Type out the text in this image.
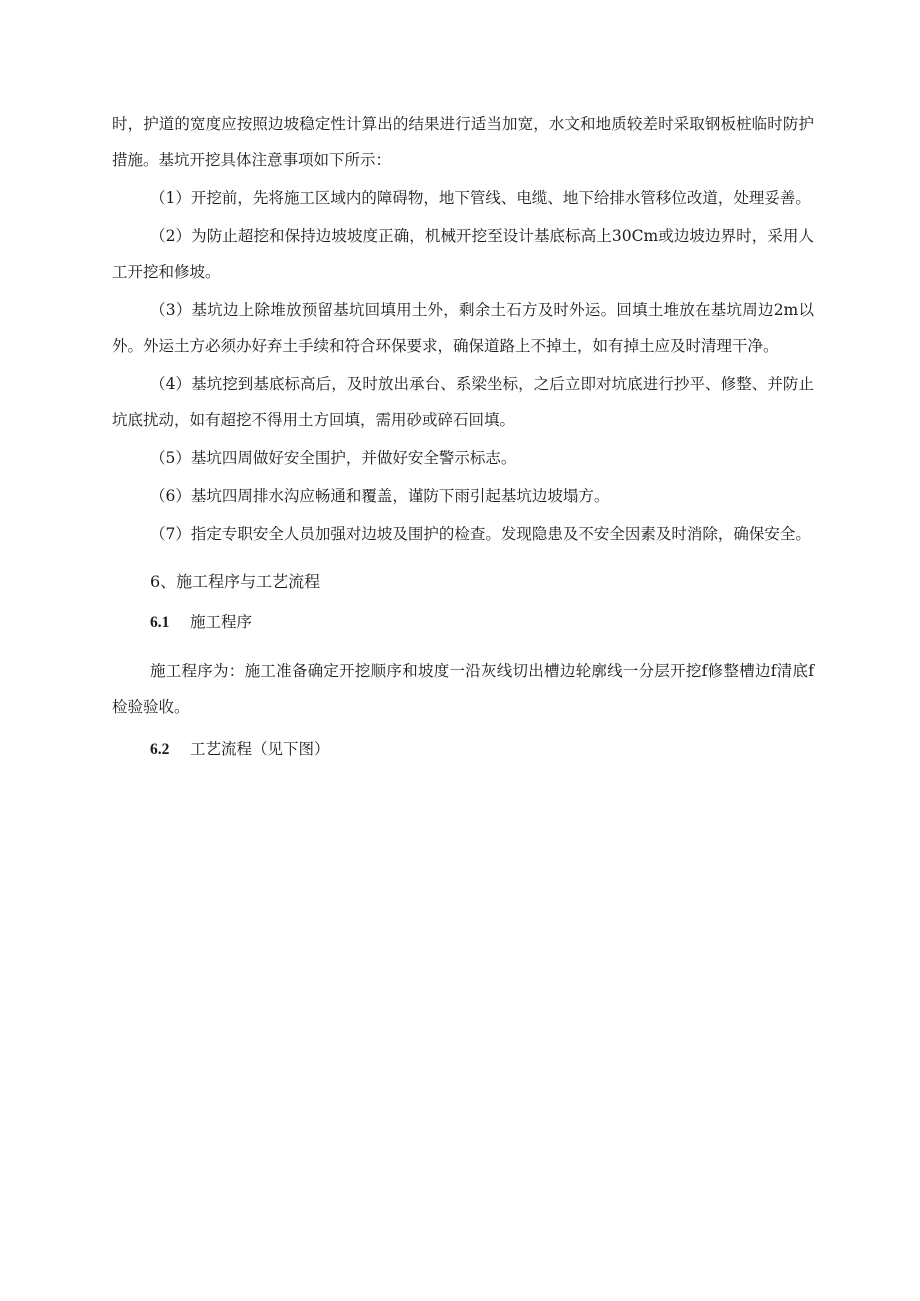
时，护道的宽度应按照边坡稳定性计算出的结果进行适当加宽，水文和地质较差时采取钢板桩临时防护措施。基坑开挖具体注意事项如下所示：

（1）开挖前，先将施工区域内的障碍物，地下管线、电缆、地下给排水管移位改道，处理妥善。

（2）为防止超挖和保持边坡坡度正确，机械开挖至设计基底标高上30Cm或边坡边界时，采用人工开挖和修坡。

（3）基坑边上除堆放预留基坑回填用土外，剩余土石方及时外运。回填土堆放在基坑周边2m以外。外运土方必须办好弃土手续和符合环保要求，确保道路上不掉土，如有掉土应及时清理干净。

（4）基坑挖到基底标高后，及时放出承台、系梁坐标，之后立即对坑底进行抄平、修整、并防止坑底扰动，如有超挖不得用土方回填，需用砂或碎石回填。

（5）基坑四周做好安全围护，并做好安全警示标志。

（6）基坑四周排水沟应畅通和覆盖，谨防下雨引起基坑边坡塌方。

（7）指定专职安全人员加强对边坡及围护的检查。发现隐患及不安全因素及时消除，确保安全。

6、施工程序与工艺流程

6.1 施工程序

施工程序为：施工准备确定开挖顺序和坡度一沿灰线切出槽边轮廓线一分层开挖f修整槽边f清底f检验验收。

6.2 工艺流程（见下图）
